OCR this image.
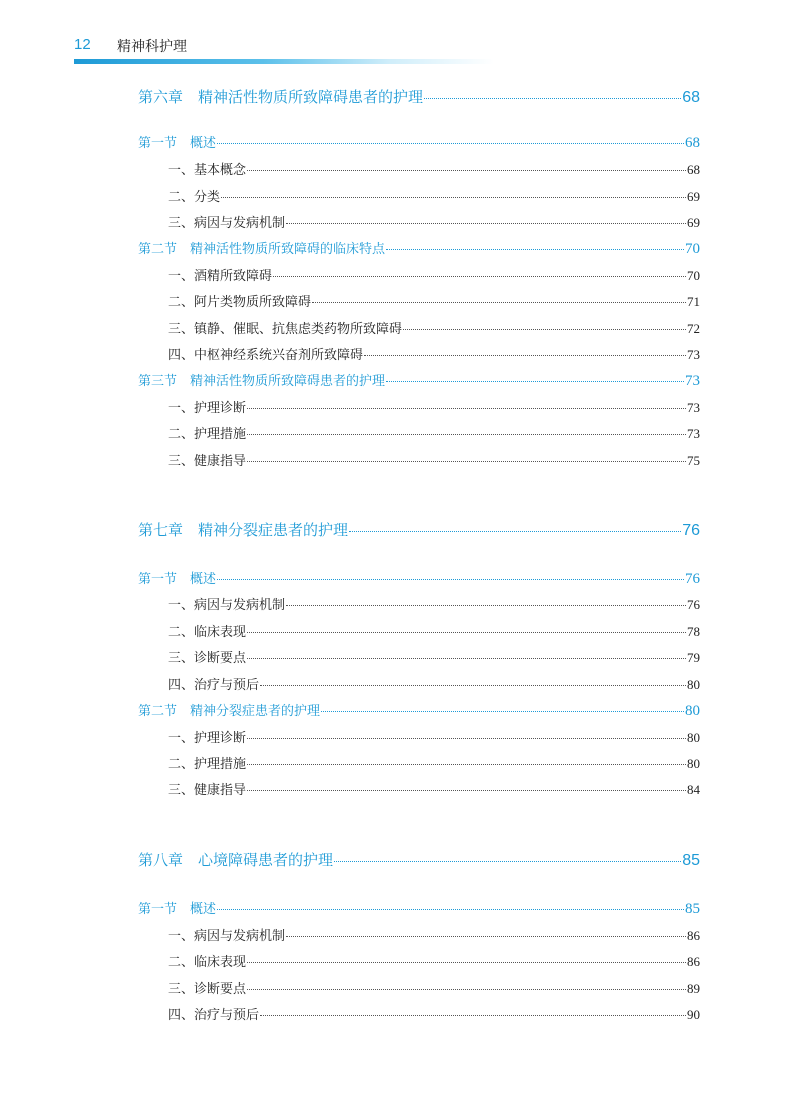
12 精神科护理
第六章　精神活性物质所致障碍患者的护理	68
第一节　概述	68
一、基本概念	68
二、分类	69
三、病因与发病机制	69
第二节　精神活性物质所致障碍的临床特点	70
一、酒精所致障碍	70
二、阿片类物质所致障碍	71
三、镇静、催眠、抗焦虑类药物所致障碍	72
四、中枢神经系统兴奋剂所致障碍	73
第三节　精神活性物质所致障碍患者的护理	73
一、护理诊断	73
二、护理措施	73
三、健康指导	75
第七章　精神分裂症患者的护理	76
第一节　概述	76
一、病因与发病机制	76
二、临床表现	78
三、诊断要点	79
四、治疗与预后	80
第二节　精神分裂症患者的护理	80
一、护理诊断	80
二、护理措施	80
三、健康指导	84
第八章　心境障碍患者的护理	85
第一节　概述	85
一、病因与发病机制	86
二、临床表现	86
三、诊断要点	89
四、治疗与预后	90
